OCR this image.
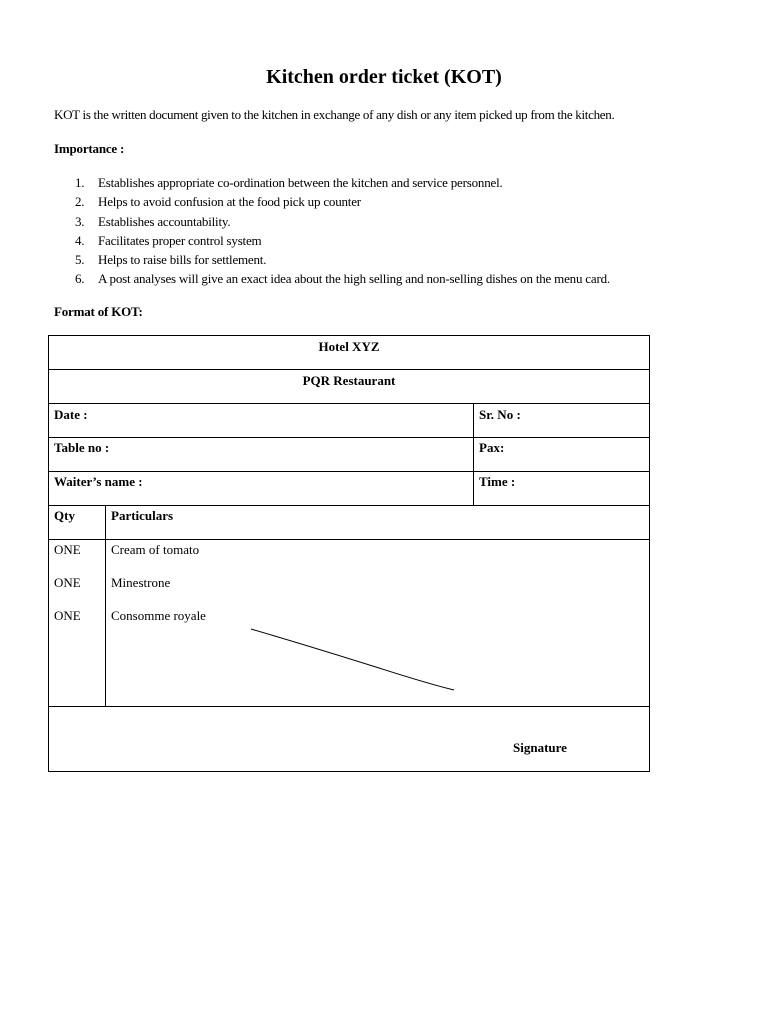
Kitchen order ticket (KOT)
KOT is the written document given to the kitchen in exchange of any dish or any item picked up from the kitchen.
Importance :
1. Establishes appropriate co-ordination between the kitchen and service personnel.
2. Helps to avoid confusion at the food pick up counter
3. Establishes accountability.
4. Facilitates proper control system
5. Helps to raise bills for settlement.
6. A post analyses will give an exact idea about the high selling and non-selling dishes on the menu card.
Format of KOT:
Hotel XYZ
PQR Restaurant
Date :	Sr. No :
Table no :	Pax:
Waiter’s name :	Time :
Qty	Particulars
ONE Cream of tomato
ONE Minestrone
ONE Consomme royale
Signature
